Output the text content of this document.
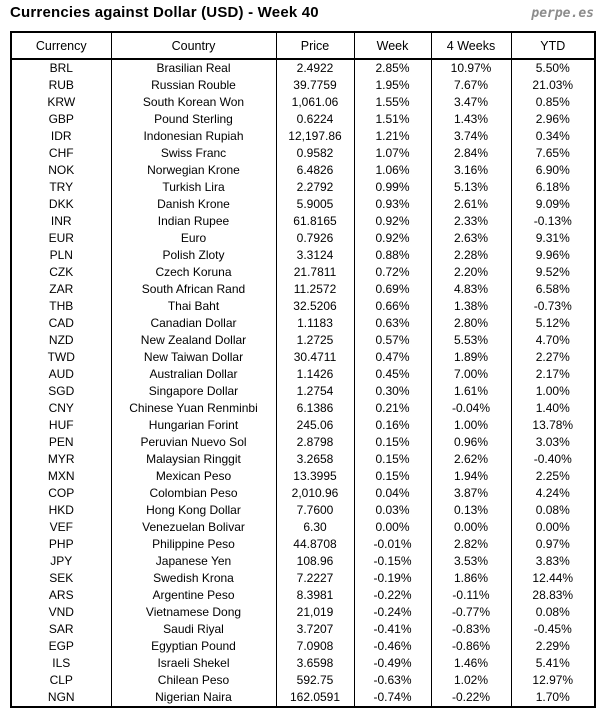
Currencies against Dollar (USD) - Week 40	perpe.es
Currency	Country	Price	Week	4 Weeks	YTD
BRL	Brasilian Real	2.4922	2.85%	10.97%	5.50%
RUB	Russian Rouble	39.7759	1.95%	7.67%	21.03%
KRW	South Korean Won	1,061.06	1.55%	3.47%	0.85%
GBP	Pound Sterling	0.6224	1.51%	1.43%	2.96%
IDR	Indonesian Rupiah	12,197.86	1.21%	3.74%	0.34%
CHF	Swiss Franc	0.9582	1.07%	2.84%	7.65%
NOK	Norwegian Krone	6.4826	1.06%	3.16%	6.90%
TRY	Turkish Lira	2.2792	0.99%	5.13%	6.18%
DKK	Danish Krone	5.9005	0.93%	2.61%	9.09%
INR	Indian Rupee	61.8165	0.92%	2.33%	-0.13%
EUR	Euro	0.7926	0.92%	2.63%	9.31%
PLN	Polish Zloty	3.3124	0.88%	2.28%	9.96%
CZK	Czech Koruna	21.7811	0.72%	2.20%	9.52%
ZAR	South African Rand	11.2572	0.69%	4.83%	6.58%
THB	Thai Baht	32.5206	0.66%	1.38%	-0.73%
CAD	Canadian Dollar	1.1183	0.63%	2.80%	5.12%
NZD	New Zealand Dollar	1.2725	0.57%	5.53%	4.70%
TWD	New Taiwan Dollar	30.4711	0.47%	1.89%	2.27%
AUD	Australian Dollar	1.1426	0.45%	7.00%	2.17%
SGD	Singapore Dollar	1.2754	0.30%	1.61%	1.00%
CNY	Chinese Yuan Renminbi	6.1386	0.21%	-0.04%	1.40%
HUF	Hungarian Forint	245.06	0.16%	1.00%	13.78%
PEN	Peruvian Nuevo Sol	2.8798	0.15%	0.96%	3.03%
MYR	Malaysian Ringgit	3.2658	0.15%	2.62%	-0.40%
MXN	Mexican Peso	13.3995	0.15%	1.94%	2.25%
COP	Colombian Peso	2,010.96	0.04%	3.87%	4.24%
HKD	Hong Kong Dollar	7.7600	0.03%	0.13%	0.08%
VEF	Venezuelan Bolivar	6.30	0.00%	0.00%	0.00%
PHP	Philippine Peso	44.8708	-0.01%	2.82%	0.97%
JPY	Japanese Yen	108.96	-0.15%	3.53%	3.83%
SEK	Swedish Krona	7.2227	-0.19%	1.86%	12.44%
ARS	Argentine Peso	8.3981	-0.22%	-0.11%	28.83%
VND	Vietnamese Dong	21,019	-0.24%	-0.77%	0.08%
SAR	Saudi Riyal	3.7207	-0.41%	-0.83%	-0.45%
EGP	Egyptian Pound	7.0908	-0.46%	-0.86%	2.29%
ILS	Israeli Shekel	3.6598	-0.49%	1.46%	5.41%
CLP	Chilean Peso	592.75	-0.63%	1.02%	12.97%
NGN	Nigerian Naira	162.0591	-0.74%	-0.22%	1.70%
